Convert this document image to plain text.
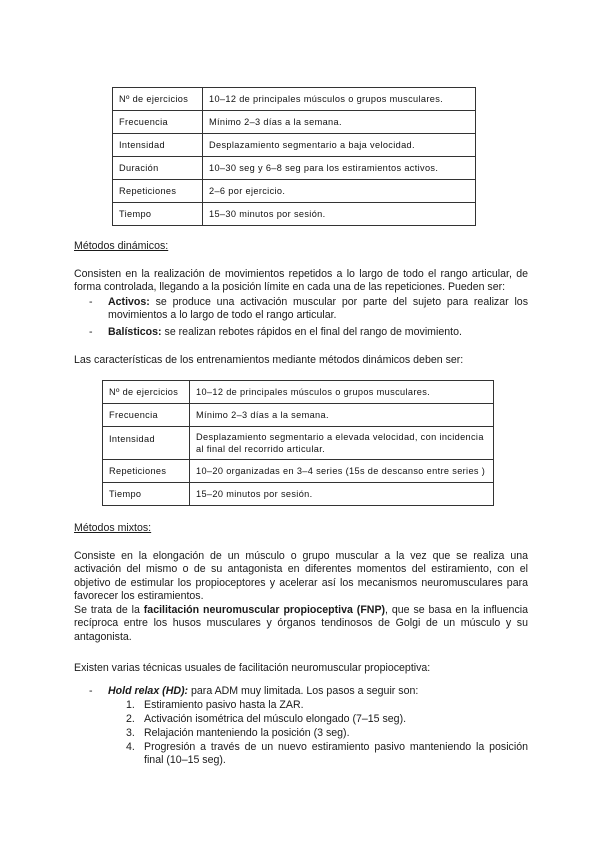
Nº de ejercicios	10–12 de principales músculos o grupos musculares.
Frecuencia	Mínimo 2–3 días a la semana.
Intensidad	Desplazamiento segmentario a baja velocidad.
Duración	10–30 seg y 6–8 seg para los estiramientos activos.
Repeticiones	2–6 por ejercicio.
Tiempo	15–30 minutos por sesión.
Métodos dinámicos:
Consisten en la realización de movimientos repetidos a lo largo de todo el rango articular, de forma controlada, llegando a la posición límite en cada una de las repeticiones. Pueden ser:
- Activos: se produce una activación muscular por parte del sujeto para realizar los movimientos a lo largo de todo el rango articular.
- Balísticos: se realizan rebotes rápidos en el final del rango de movimiento.
Las características de los entrenamientos mediante métodos dinámicos deben ser:
Nº de ejercicios	10–12 de principales músculos o grupos musculares.
Frecuencia	Mínimo 2–3 días a la semana.
Intensidad	Desplazamiento segmentario a elevada velocidad, con incidencia al final del recorrido articular.
Repeticiones	10–20 organizadas en 3–4 series (15s de descanso entre series )
Tiempo	15–20 minutos por sesión.
Métodos mixtos:
Consiste en la elongación de un músculo o grupo muscular a la vez que se realiza una activación del mismo o de su antagonista en diferentes momentos del estiramiento, con el objetivo de estimular los propioceptores y acelerar así los mecanismos neuromusculares para favorecer los estiramientos.
Se trata de la facilitación neuromuscular propioceptiva (FNP), que se basa en la influencia recíproca entre los husos musculares y órganos tendinosos de Golgi de un músculo y su antagonista.
Existen varias técnicas usuales de facilitación neuromuscular propioceptiva:
- Hold relax (HD): para ADM muy limitada. Los pasos a seguir son:
1. Estiramiento pasivo hasta la ZAR.
2. Activación isométrica del músculo elongado (7–15 seg).
3. Relajación manteniendo la posición (3 seg).
4. Progresión a través de un nuevo estiramiento pasivo manteniendo la posición final (10–15 seg).
